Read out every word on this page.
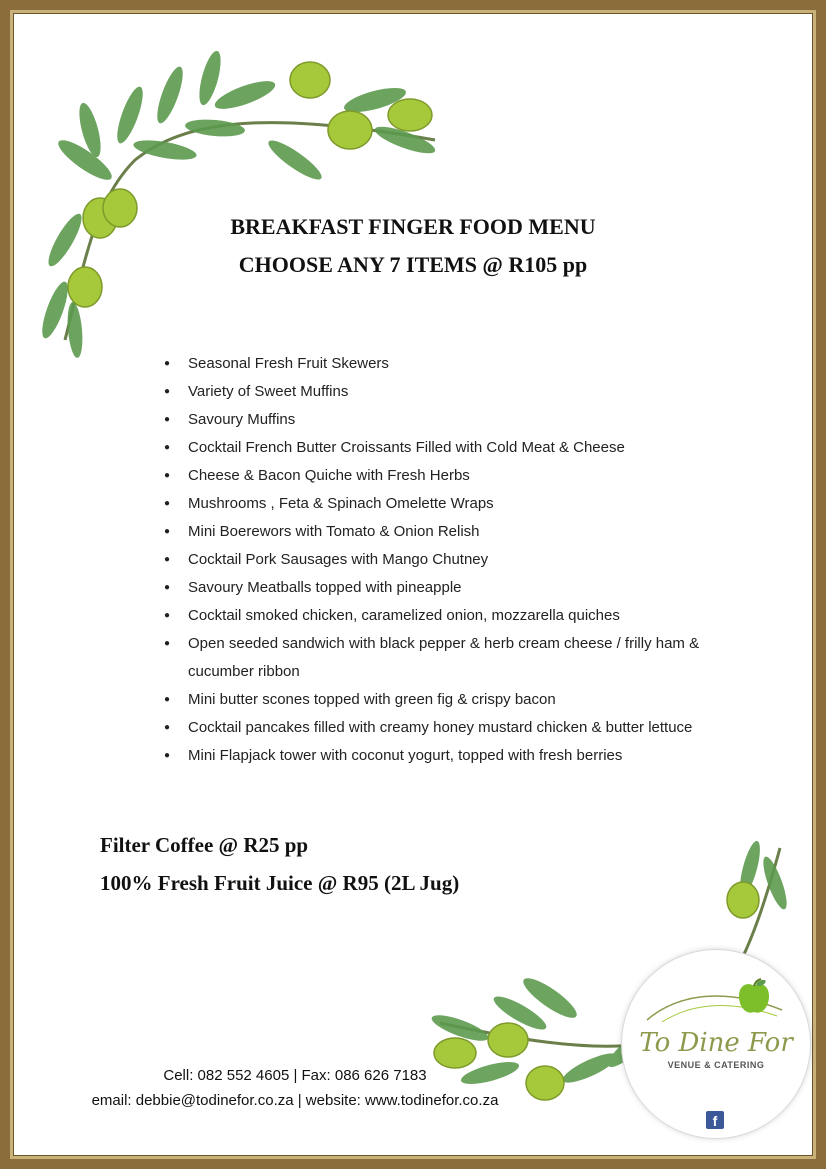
BREAKFAST FINGER FOOD MENU
CHOOSE ANY 7 ITEMS @ R105 pp
● Seasonal Fresh Fruit Skewers
● Variety of Sweet Muffins
● Savoury Muffins
● Cocktail French Butter Croissants Filled with Cold Meat & Cheese
● Cheese & Bacon Quiche with Fresh Herbs
● Mushrooms , Feta & Spinach Omelette Wraps
● Mini Boerewors with Tomato & Onion Relish
● Cocktail Pork Sausages with Mango Chutney
● Savoury Meatballs topped with pineapple
● Cocktail smoked chicken, caramelized onion, mozzarella quiches
● Open seeded sandwich with black pepper & herb cream cheese / frilly ham & cucumber ribbon
● Mini butter scones topped with green fig & crispy bacon
● Cocktail pancakes filled with creamy honey mustard chicken & butter lettuce
● Mini Flapjack tower with coconut yogurt, topped with fresh berries
Filter Coffee @ R25 pp
100% Fresh Fruit Juice @ R95 (2L Jug)
Cell: 082 552 4605 | Fax: 086 626 7183
email: debbie@todinefor.co.za | website: www.todinefor.co.za
To Dine For
VENUE & CATERING
f
